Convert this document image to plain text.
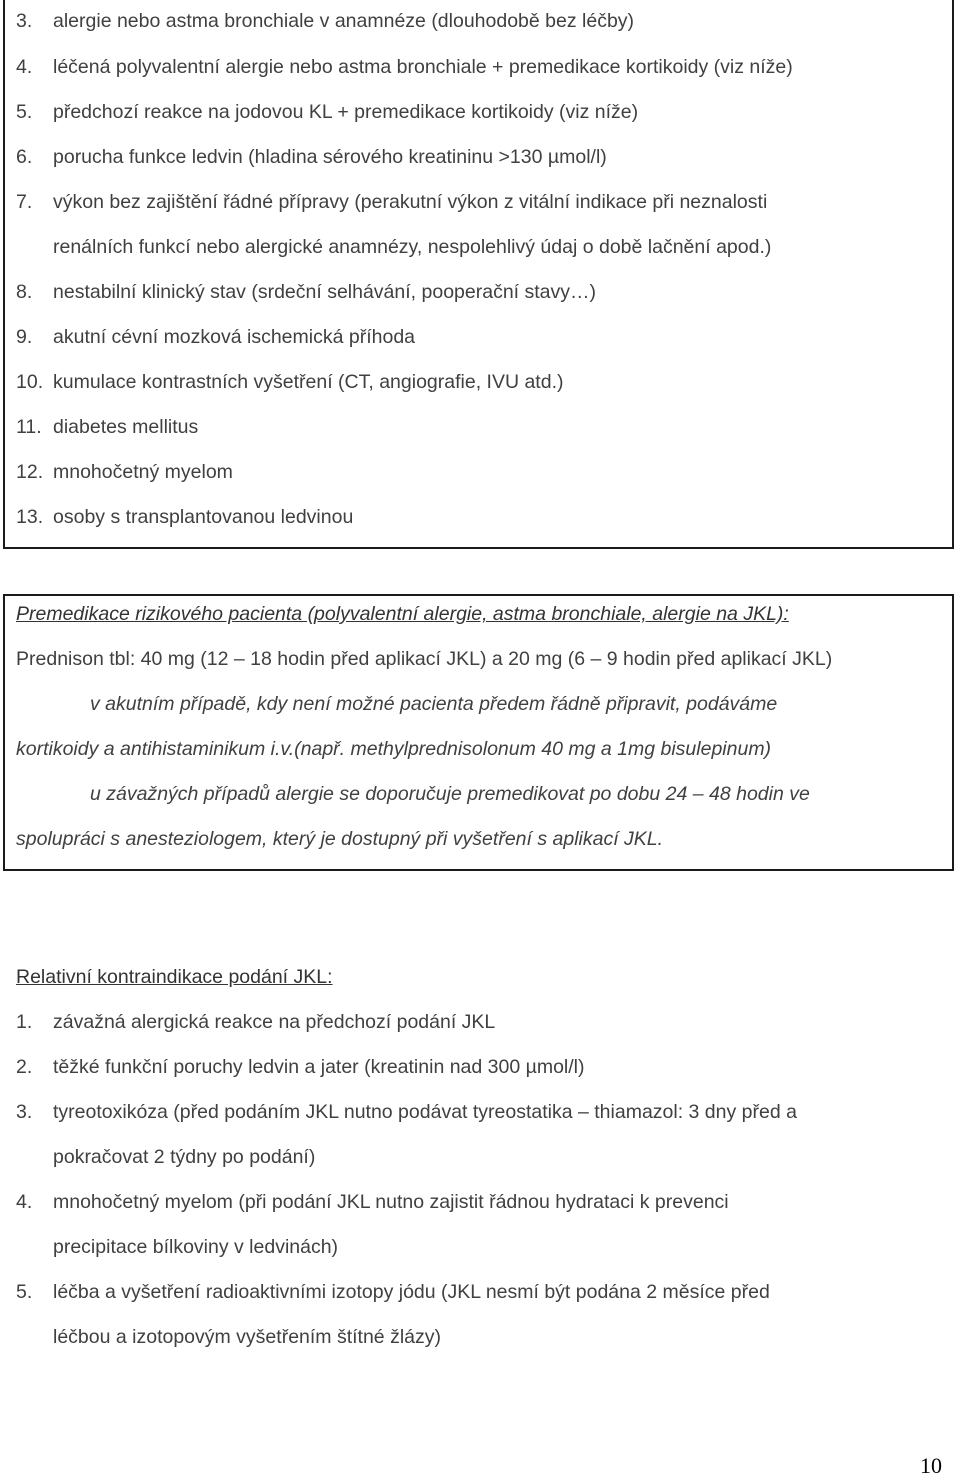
3. alergie nebo astma bronchiale v anamnéze (dlouhodobě bez léčby)
4. léčená polyvalentní alergie nebo astma bronchiale + premedikace kortikoidy (viz níže)
5. předchozí reakce na jodovou KL + premedikace kortikoidy (viz níže)
6. porucha funkce ledvin (hladina sérového kreatininu >130 µmol/l)
7. výkon bez zajištění řádné přípravy (perakutní výkon z vitální indikace při neznalosti
renálních funkcí nebo alergické anamnézy, nespolehlivý údaj o době lačnění apod.)
8. nestabilní klinický stav (srdeční selhávání, pooperační stavy…)
9. akutní cévní mozková ischemická příhoda
10. kumulace kontrastních vyšetření (CT, angiografie, IVU atd.)
11. diabetes mellitus
12. mnohočetný myelom
13. osoby s transplantovanou ledvinou
Premedikace rizikového pacienta (polyvalentní alergie, astma bronchiale, alergie na JKL):
Prednison tbl: 40 mg (12 – 18 hodin před aplikací JKL) a 20 mg (6 – 9 hodin před aplikací JKL)
v akutním případě, kdy není možné pacienta předem řádně připravit, podáváme
kortikoidy a antihistaminikum i.v.(např. methylprednisolonum 40 mg a 1mg bisulepinum)
u závažných případů alergie se doporučuje premedikovat po dobu 24 – 48 hodin ve
spolupráci s anesteziologem, který je dostupný při vyšetření s aplikací JKL.
Relativní kontraindikace podání JKL:
1. závažná alergická reakce na předchozí podání JKL
2. těžké funkční poruchy ledvin a jater (kreatinin nad 300 µmol/l)
3. tyreotoxikóza (před podáním JKL nutno podávat tyreostatika – thiamazol: 3 dny před a
pokračovat 2 týdny po podání)
4. mnohočetný myelom (při podání JKL nutno zajistit řádnou hydrataci k prevenci
precipitace bílkoviny v ledvinách)
5. léčba a vyšetření radioaktivními izotopy jódu (JKL nesmí být podána 2 měsíce před
léčbou a izotopovým vyšetřením štítné žlázy)
10
